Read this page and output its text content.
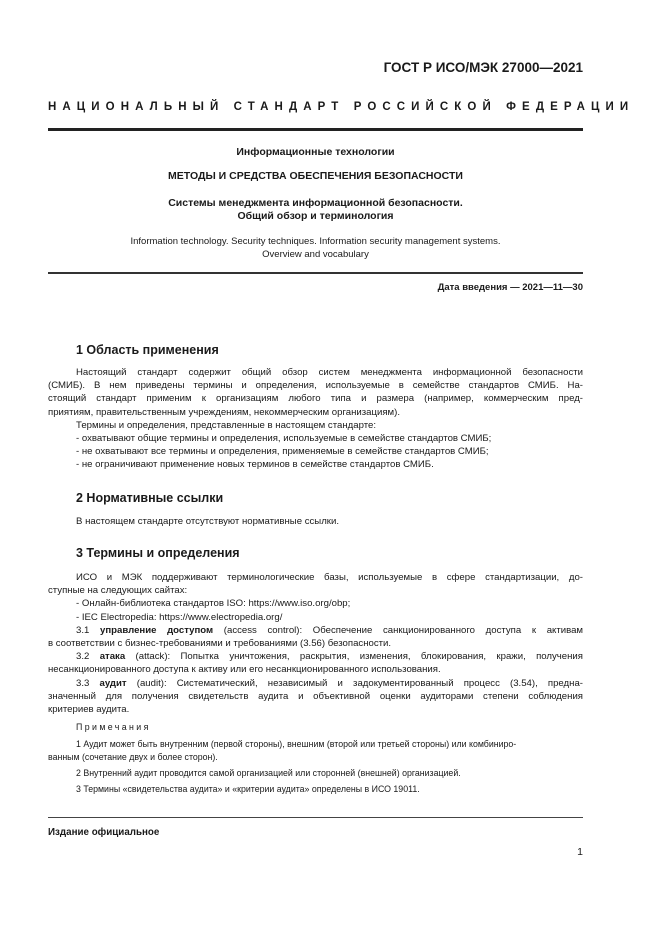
ГОСТ Р ИСО/МЭК 27000—2021
НАЦИОНАЛЬНЫЙ СТАНДАРТ РОССИЙСКОЙ ФЕДЕРАЦИИ
Информационные технологии
МЕТОДЫ И СРЕДСТВА ОБЕСПЕЧЕНИЯ БЕЗОПАСНОСТИ
Системы менеджмента информационной безопасности.
Общий обзор и терминология
Information technology. Security techniques. Information security management systems.
Overview and vocabulary
Дата введения — 2021—11—30
1 Область применения
Настоящий стандарт содержит общий обзор систем менеджмента информационной безопасности
(СМИБ). В нем приведены термины и определения, используемые в семействе стандартов СМИБ. На-
стоящий стандарт применим к организациям любого типа и размера (например, коммерческим пред-
приятиям, правительственным учреждениям, некоммерческим организациям).
Термины и определения, представленные в настоящем стандарте:
- охватывают общие термины и определения, используемые в семействе стандартов СМИБ;
- не охватывают все термины и определения, применяемые в семействе стандартов СМИБ;
- не ограничивают применение новых терминов в семействе стандартов СМИБ.
2 Нормативные ссылки
В настоящем стандарте отсутствуют нормативные ссылки.
3 Термины и определения
ИСО и МЭК поддерживают терминологические базы, используемые в сфере стандартизации, до-
ступные на следующих сайтах:
- Онлайн-библиотека стандартов ISO: https://www.iso.org/obp;
- IEC Electropedia: https://www.electropedia.org/
3.1 управление доступом (access control): Обеспечение санкционированного доступа к активам
в соответствии с бизнес-требованиями и требованиями (3.56) безопасности.
3.2 атака (attack): Попытка уничтожения, раскрытия, изменения, блокирования, кражи, получения
несанкционированного доступа к активу или его несанкционированного использования.
3.3 аудит (audit): Систематический, независимый и задокументированный процесс (3.54), предна-
значенный для получения свидетельств аудита и объективной оценки аудиторами степени соблюдения
критериев аудита.
Примечания
1 Аудит может быть внутренним (первой стороны), внешним (второй или третьей стороны) или комбиниро-
ванным (сочетание двух и более сторон).
2 Внутренний аудит проводится самой организацией или сторонней (внешней) организацией.
3 Термины «свидетельства аудита» и «критерии аудита» определены в ИСО 19011.
Издание официальное
1
